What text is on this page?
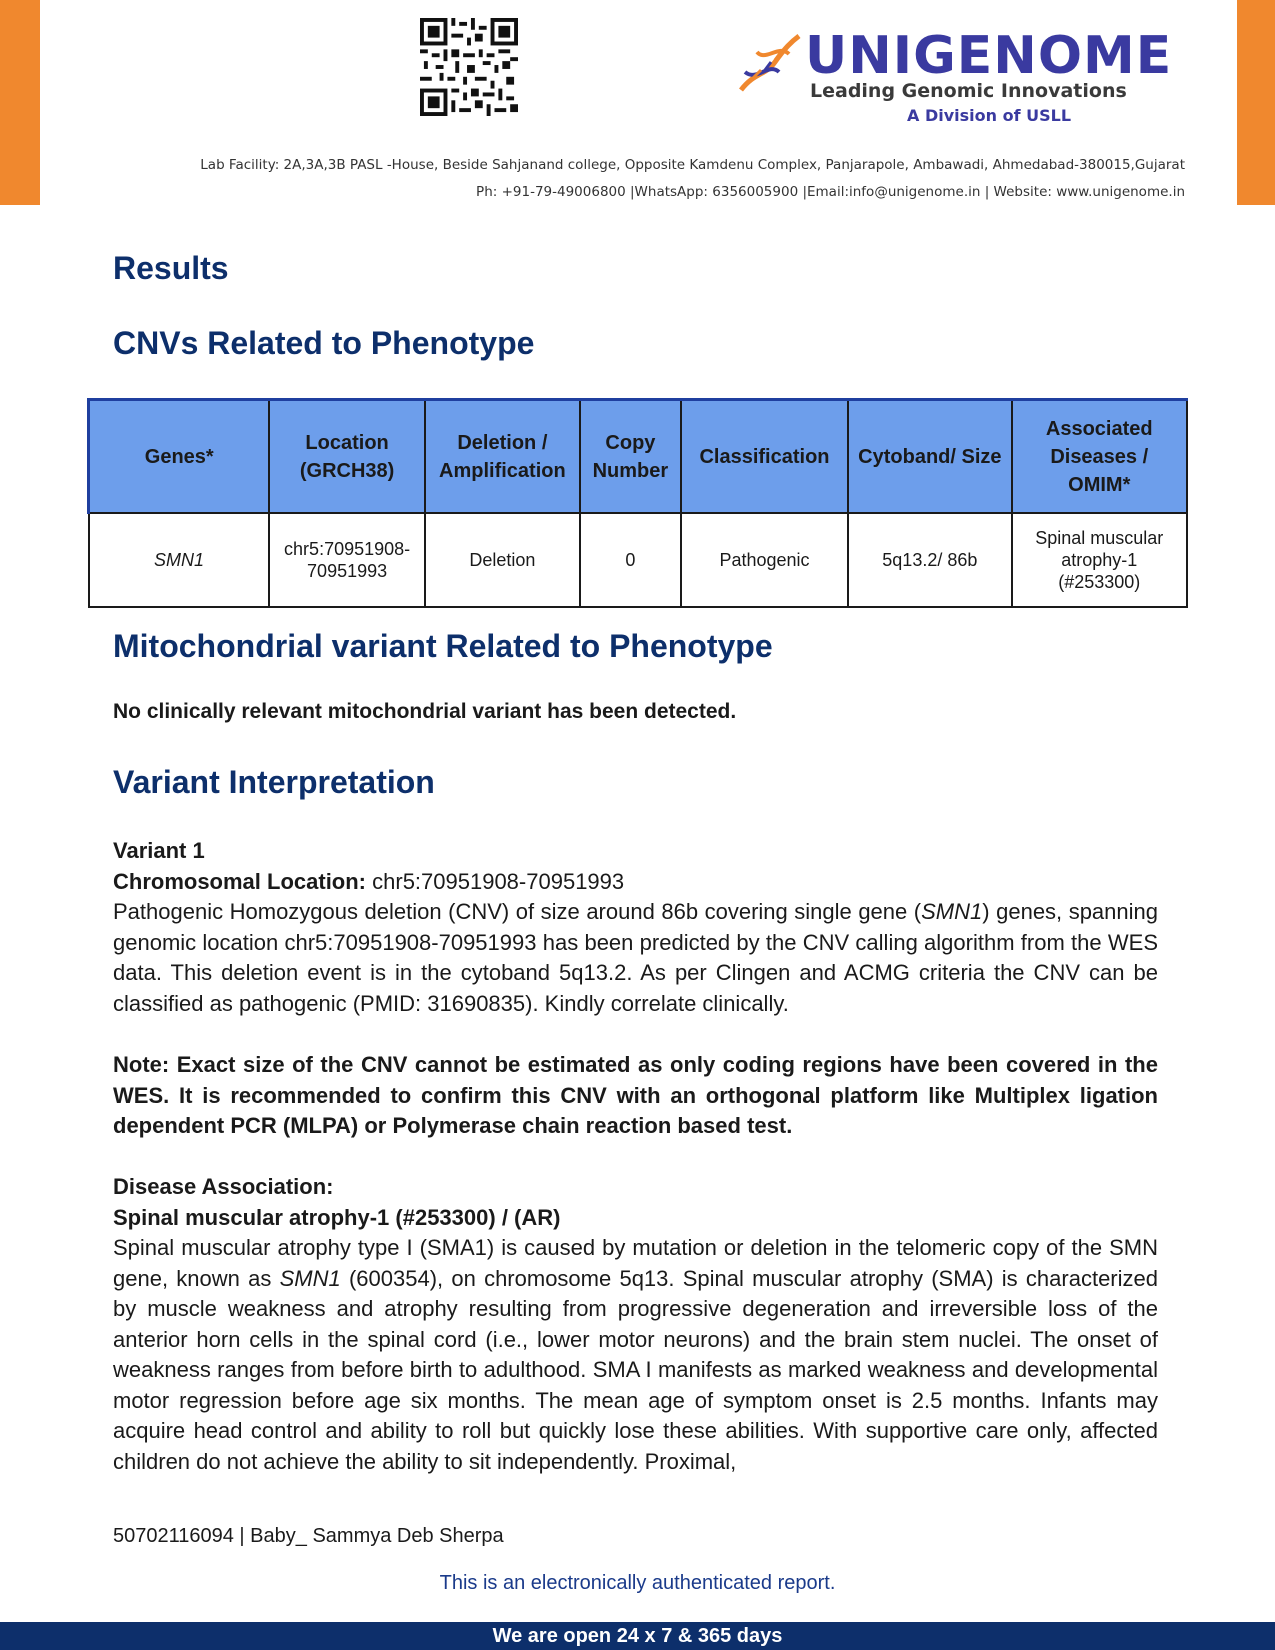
UNIGENOME
Leading Genomic Innovations
A Division of USLL
Lab Facility: 2A,3A,3B PASL -House, Beside Sahjanand college, Opposite Kamdenu Complex, Panjarapole, Ambawadi, Ahmedabad-380015,Gujarat
Ph: +91-79-49006800 |WhatsApp: 6356005900 |Email:info@unigenome.in | Website: www.unigenome.in
Results
CNVs Related to Phenotype
Genes*	Location (GRCH38)	Deletion / Amplification	Copy Number	Classification	Cytoband/ Size	Associated Diseases / OMIM*
SMN1	chr5:70951908-70951993	Deletion	0	Pathogenic	5q13.2/ 86b	Spinal muscular atrophy-1 (#253300)
Mitochondrial variant Related to Phenotype
No clinically relevant mitochondrial variant has been detected.
Variant Interpretation
Variant 1
Chromosomal Location: chr5:70951908-70951993
Pathogenic Homozygous deletion (CNV) of size around 86b covering single gene (SMN1) genes, spanning genomic location chr5:70951908-70951993 has been predicted by the CNV calling algorithm from the WES data. This deletion event is in the cytoband 5q13.2. As per Clingen and ACMG criteria the CNV can be classified as pathogenic (PMID: 31690835). Kindly correlate clinically.
Note: Exact size of the CNV cannot be estimated as only coding regions have been covered in the WES. It is recommended to confirm this CNV with an orthogonal platform like Multiplex ligation dependent PCR (MLPA) or Polymerase chain reaction based test.
Disease Association:
Spinal muscular atrophy-1 (#253300) / (AR)
Spinal muscular atrophy type I (SMA1) is caused by mutation or deletion in the telomeric copy of the SMN gene, known as SMN1 (600354), on chromosome 5q13. Spinal muscular atrophy (SMA) is characterized by muscle weakness and atrophy resulting from progressive degeneration and irreversible loss of the anterior horn cells in the spinal cord (i.e., lower motor neurons) and the brain stem nuclei. The onset of weakness ranges from before birth to adulthood. SMA I manifests as marked weakness and developmental motor regression before age six months. The mean age of symptom onset is 2.5 months. Infants may acquire head control and ability to roll but quickly lose these abilities. With supportive care only, affected children do not achieve the ability to sit independently. Proximal,
50702116094 | Baby_ Sammya Deb Sherpa
This is an electronically authenticated report.
We are open 24 x 7 & 365 days
